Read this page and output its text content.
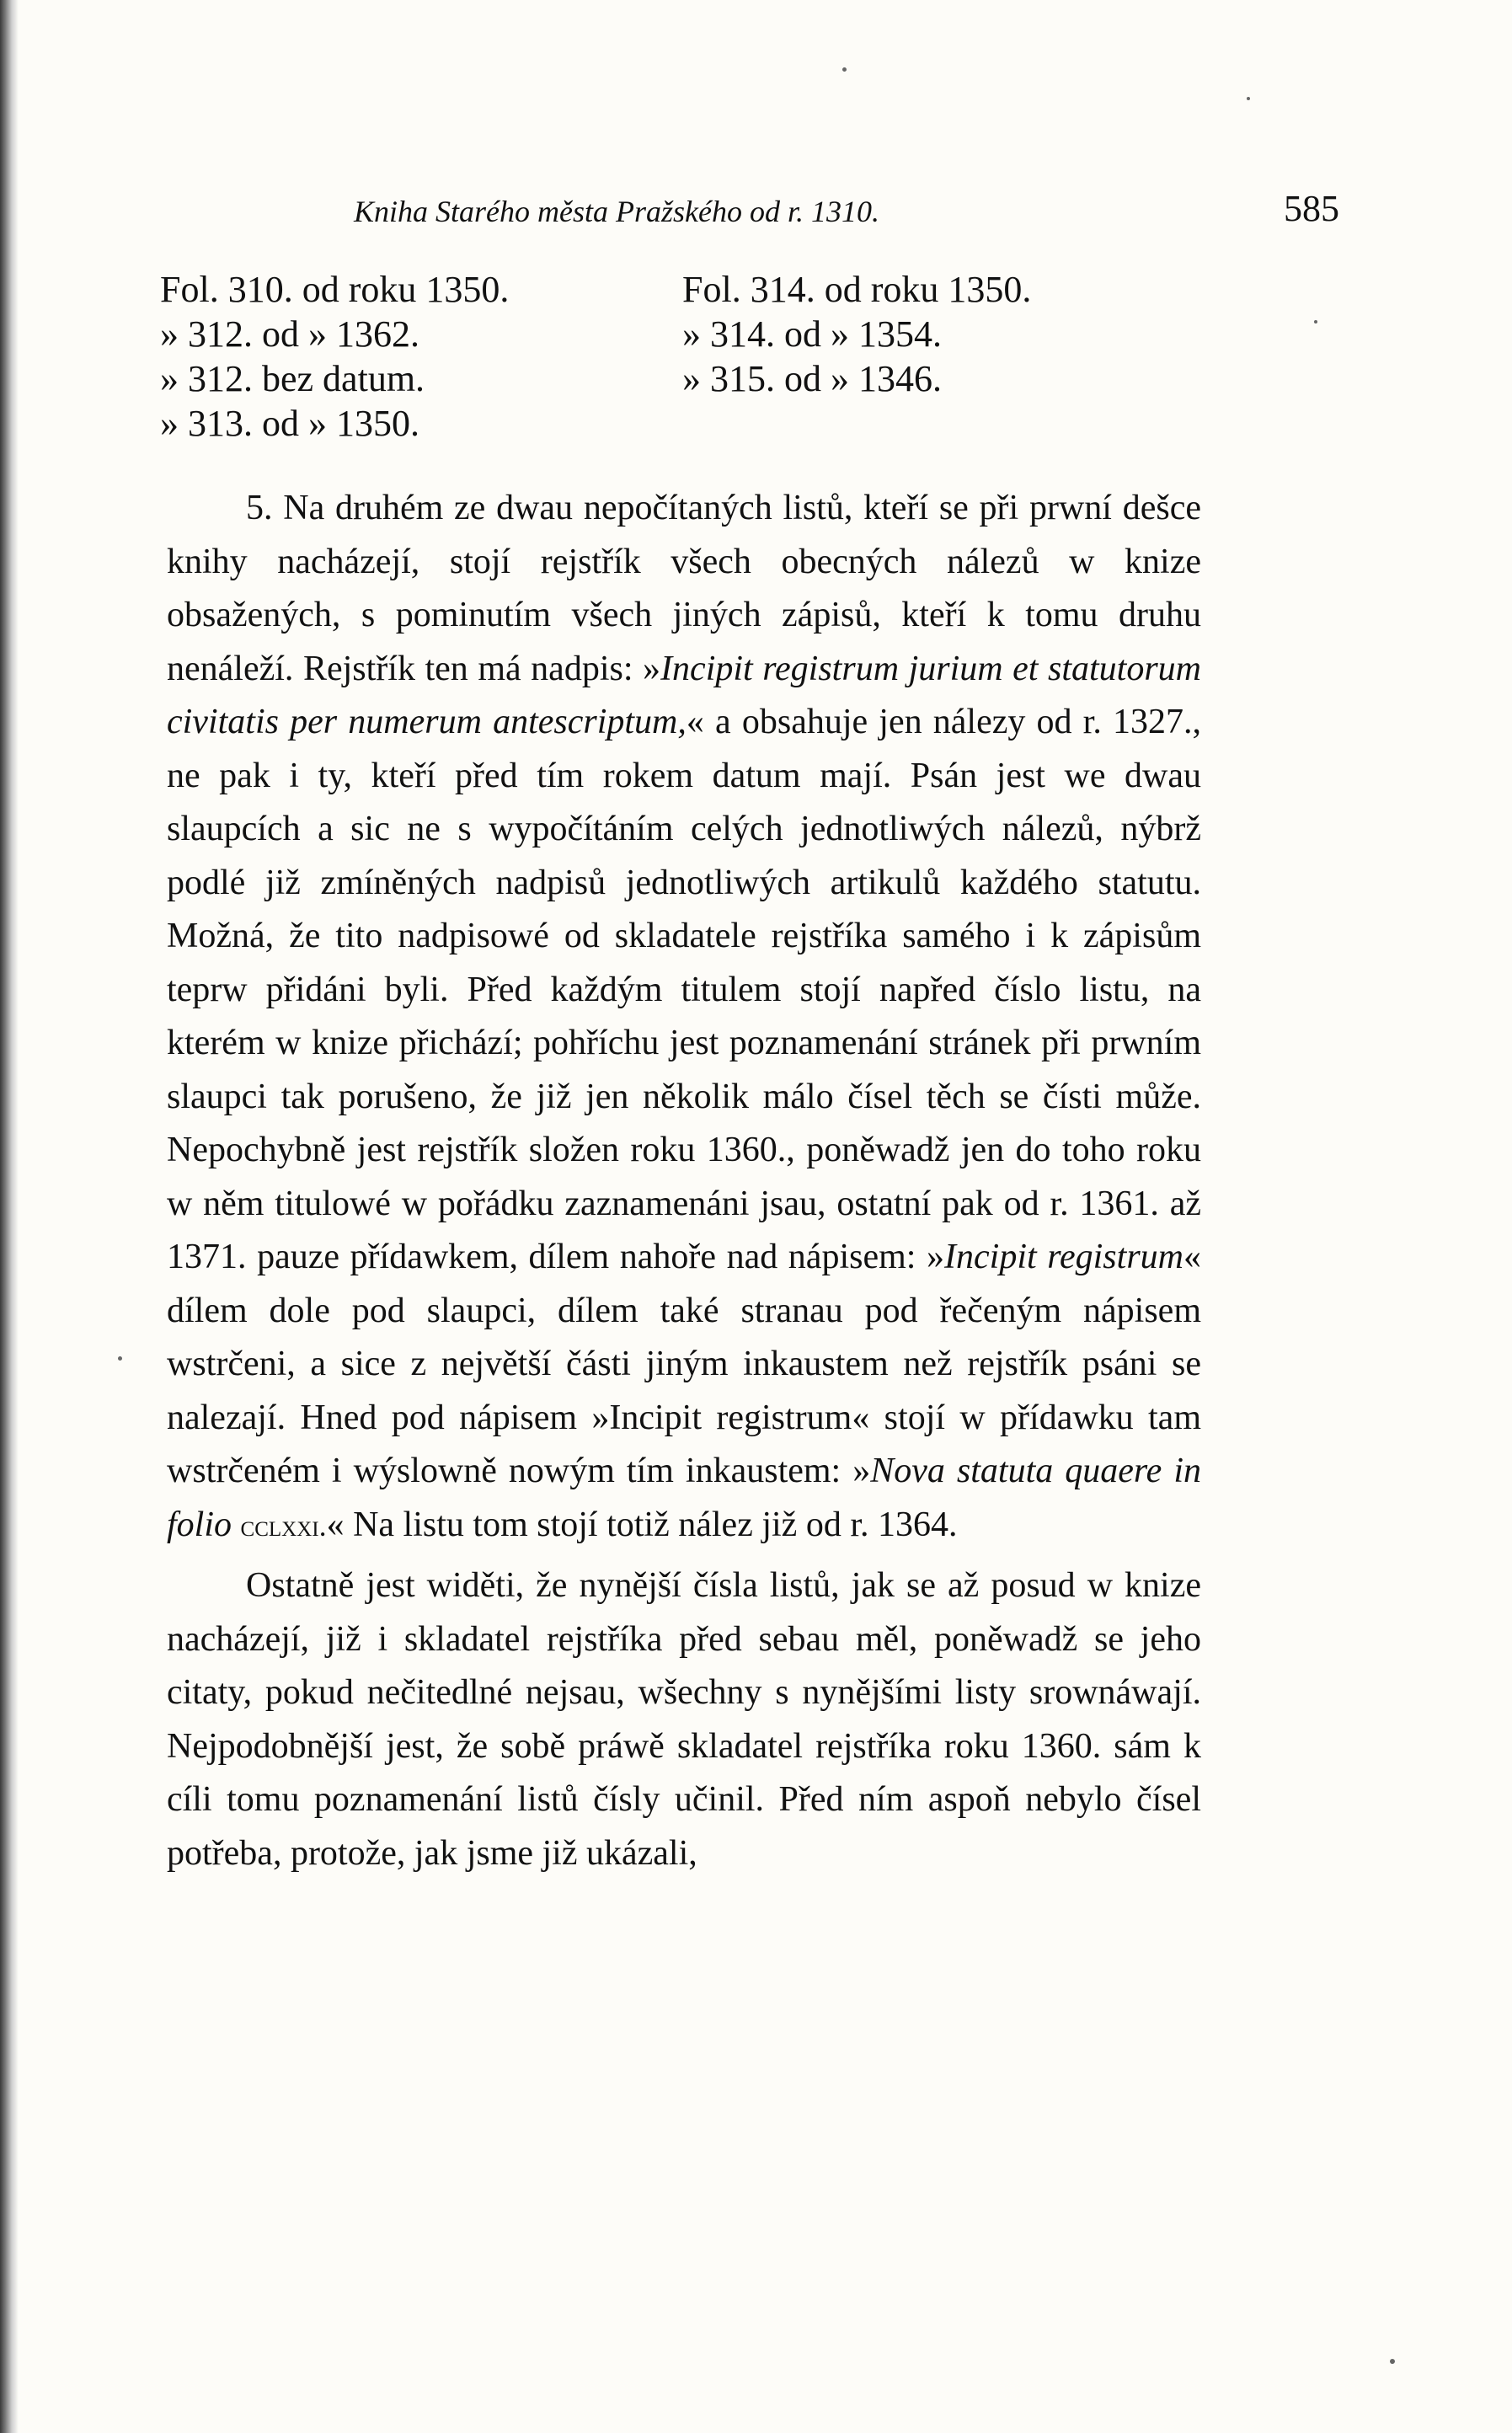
Kniha Starého města Pražského od r. 1310.	585
Fol. 310. od roku 1350.	Fol. 314. od roku 1350.
» 312. od » 1362.	» 314. od » 1354.
» 312. bez datum.	» 315. od » 1346.
» 313. od » 1350.

5. Na druhém ze dwau nepočítaných listů, kteří se při prwní dešce knihy nacházejí, stojí rejstřík všech obecných nálezů w knize obsažených, s pominutím všech jiných zápisů, kteří k tomu druhu nenáleží. Rejstřík ten má nadpis: »Incipit registrum jurium et statutorum civitatis per numerum antescriptum,« a obsahuje jen nálezy od r. 1327., ne pak i ty, kteří před tím rokem datum mají. Psán jest we dwau slaupcích a sic ne s wypočítáním celých jednotliwých nálezů, nýbrž podlé již zmíněných nadpisů jednotliwých artikulů každého statutu. Možná, že tito nadpisowé od skladatele rejstříka samého i k zápisům teprw přidáni byli. Před každým titulem stojí napřed číslo listu, na kterém w knize přichází; pohříchu jest poznamenání stránek při prwním slaupci tak porušeno, že již jen několik málo čísel těch se čísti může. Nepochybně jest rejstřík složen roku 1360., poněwadž jen do toho roku w něm titulowé w pořádku zaznamenáni jsau, ostatní pak od r. 1361. až 1371. pauze přídawkem, dílem nahoře nad nápisem: »Incipit registrum« dílem dole pod slaupci, dílem také stranau pod řečeným nápisem wstrčeni, a sice z největší části jiným inkaustem než rejstřík psáni se nalezají. Hned pod nápisem »Incipit registrum« stojí w přídawku tam wstrčeném i wýslowně nowým tím inkaustem: »Nova statuta quaere in folio cclxxi.« Na listu tom stojí totiž nález již od r. 1364.

Ostatně jest widěti, že nynější čísla listů, jak se až posud w knize nacházejí, již i skladatel rejstříka před sebau měl, poněwadž se jeho citaty, pokud nečitedlné nejsau, wšechny s nynějšími listy srownáwají. Nejpodobnější jest, že sobě práwě skladatel rejstříka roku 1360. sám k cíli tomu poznamenání listů čísly učinil. Před ním aspoň nebylo čísel potřeba, protože, jak jsme již ukázali,
